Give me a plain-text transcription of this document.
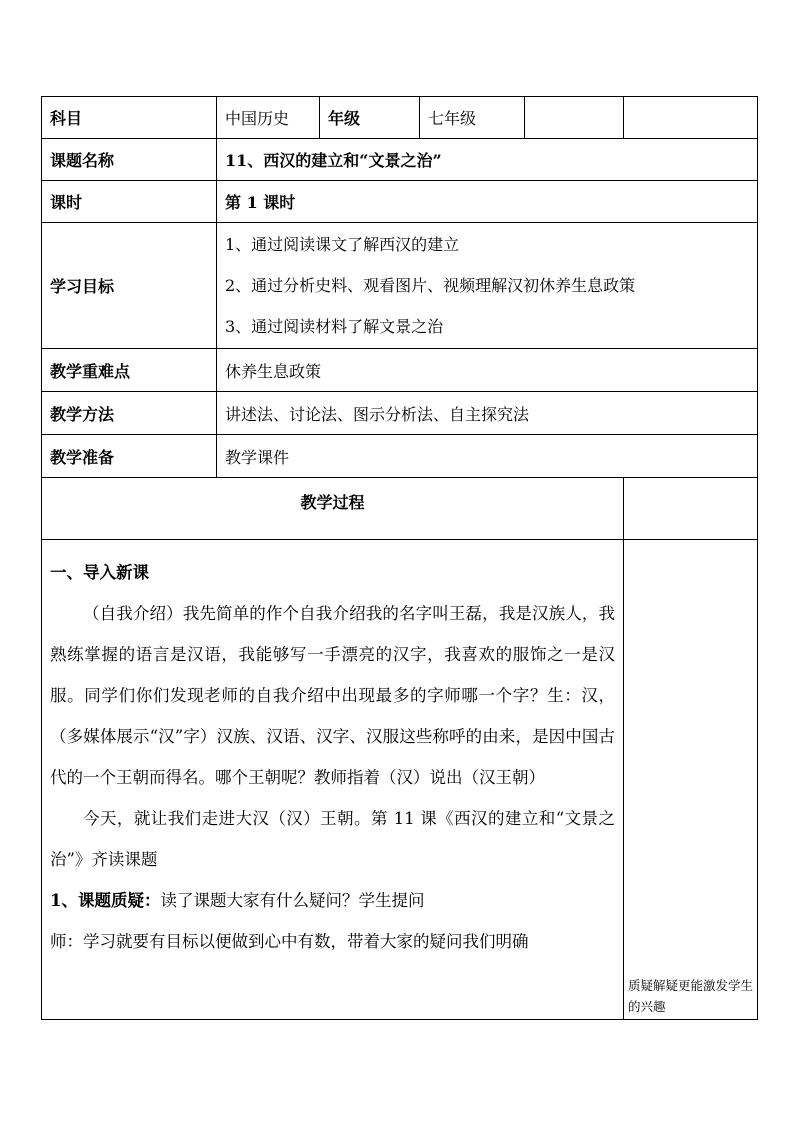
科目	中国历史	年级	七年级		
课题名称	11、西汉的建立和“文景之治”				
课时	第 1 课时				
学习目标	1、通过阅读课文了解西汉的建立
2、通过分析史料、观看图片、视频理解汉初休养生息政策
3、通过阅读材料了解文景之治				

教学重难点	休养生息政策				
教学方法	讲述法、讨论法、图示分析法、自主探究法				
教学准备	教学课件				
教学过程					

一、导入新课

（自我介绍）我先简单的作个自我介绍我的名字叫王磊，我是汉族人，我熟练掌握的语言是汉语，我能够写一手漂亮的汉字，我喜欢的服饰之一是汉服。同学们你们发现老师的自我介绍中出现最多的字师哪一个字？生：汉，（多媒体展示“汉”字）汉族、汉语、汉字、汉服这些称呼的由来，是因中国古代的一个王朝而得名。哪个王朝呢？教师指着（汉）说出（汉王朝）

今天，就让我们走进大汉（汉）王朝。第 11 课《西汉的建立和“文景之治”》齐读课题

1、课题质疑：读了课题大家有什么疑问？学生提问

师：学习就要有目标以便做到心中有数，带着大家的疑问我们明确					质疑解疑更能激发学生的兴趣
